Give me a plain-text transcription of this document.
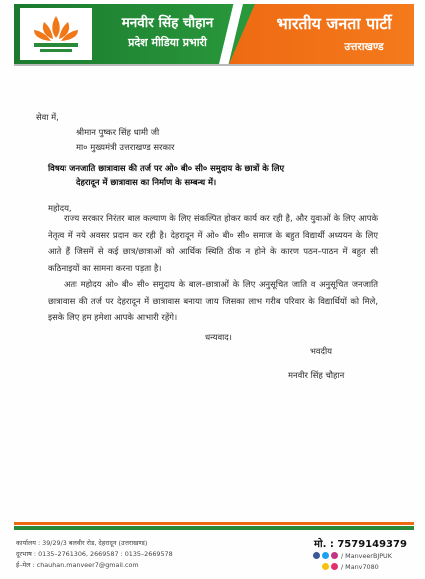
मनवीर सिंह चौहान
प्रदेश मीडिया प्रभारी
भारतीय जनता पार्टी
उत्तराखण्ड
सेवा में,
श्रीमान पुष्कर सिंह धामी जी
मा० मुख्यमंत्री उत्तराखण्ड सरकार
विषयः जनजाति छात्रावास की तर्ज पर ओ० बी० सी० समुदाय के छात्रों के लिए
देहरादून में छात्रावास का निर्माण के सम्बन्ध में।
महोदय,
राज्य सरकार निरंतर बाल कल्याण के लिए संकल्पित होकर कार्य कर रही है, और युवाओं के लिए आपके नेतृत्व में नये अवसर प्रदान कर रही है। देहरादून में ओ० बी० सी० समाज के बहुत विद्यार्थी अध्ययन के लिए आते हैं जिसमें से कई छात्र/छात्राओं को आर्थिक स्थिति ठीक न होने के कारण पठन–पाठन में बहुत सी कठिनाइयों का सामना करना पड़ता है।
अतः महोदय ओ० बी० सी० समुदाय के बाल–छात्राओं के लिए अनुसूचित जाति व अनुसूचित जनजाति छात्रावास की तर्ज पर देहरादून में छात्रावास बनाया जाय जिसका लाभ गरीब परिवार के विद्यार्थियों को मिले, इसके लिए हम हमेशा आपके आभारी रहेंगे।
धन्यवाद।
भवदीय
मनवीर सिंह चौहान
कार्यालय : 39/29/3 बलवीर रोड, देहरादून (उत्तराखण्ड)
दूरभाष : 0135–2761306, 2669587 : 0135–2669578
ई–मेल : chauhan.manveer7@gmail.com
मो. : 7579149379
/ ManveerBJPUK
/ Manv7080
